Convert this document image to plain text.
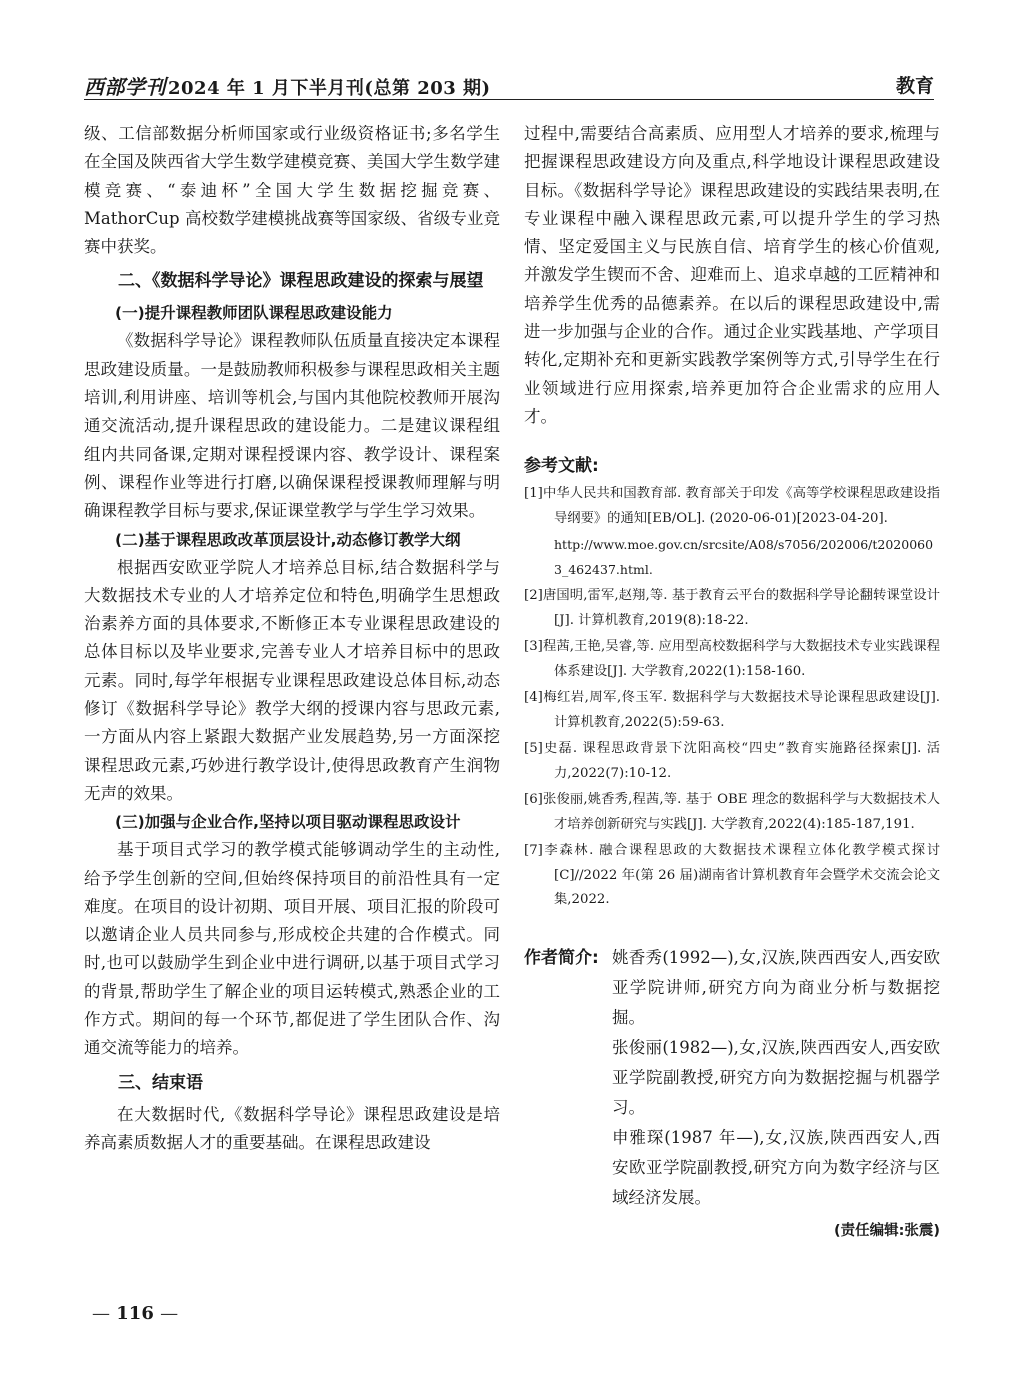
西部学刊 2024 年 1 月下半月刊(总第 203 期)	教育

级、工信部数据分析师国家或行业级资格证书;多名学生在全国及陕西省大学生数学建模竞赛、美国大学生数学建模竞赛、“泰迪杯”全国大学生数据挖掘竞赛、MathorCup 高校数学建模挑战赛等国家级、省级专业竞赛中获奖。

二、《数据科学导论》课程思政建设的探索与展望
(一)提升课程教师团队课程思政建设能力

《数据科学导论》课程教师队伍质量直接决定本课程思政建设质量。一是鼓励教师积极参与课程思政相关主题培训,利用讲座、培训等机会,与国内其他院校教师开展沟通交流活动,提升课程思政的建设能力。二是建议课程组组内共同备课,定期对课程授课内容、教学设计、课程案例、课程作业等进行打磨,以确保课程授课教师理解与明确课程教学目标与要求,保证课堂教学与学生学习效果。

(二)基于课程思政改革顶层设计,动态修订教学大纲

根据西安欧亚学院人才培养总目标,结合数据科学与大数据技术专业的人才培养定位和特色,明确学生思想政治素养方面的具体要求,不断修正本专业课程思政建设的总体目标以及毕业要求,完善专业人才培养目标中的思政元素。同时,每学年根据专业课程思政建设总体目标,动态修订《数据科学导论》教学大纲的授课内容与思政元素,一方面从内容上紧跟大数据产业发展趋势,另一方面深挖课程思政元素,巧妙进行教学设计,使得思政教育产生润物无声的效果。

(三)加强与企业合作,坚持以项目驱动课程思政设计

基于项目式学习的教学模式能够调动学生的主动性,给予学生创新的空间,但始终保持项目的前沿性具有一定难度。在项目的设计初期、项目开展、项目汇报的阶段可以邀请企业人员共同参与,形成校企共建的合作模式。同时,也可以鼓励学生到企业中进行调研,以基于项目式学习的背景,帮助学生了解企业的项目运转模式,熟悉企业的工作方式。期间的每一个环节,都促进了学生团队合作、沟通交流等能力的培养。

三、结束语

在大数据时代,《数据科学导论》课程思政建设是培养高素质数据人才的重要基础。在课程思政建设

过程中,需要结合高素质、应用型人才培养的要求,梳理与把握课程思政建设方向及重点,科学地设计课程思政建设目标。《数据科学导论》课程思政建设的实践结果表明,在专业课程中融入课程思政元素,可以提升学生的学习热情、坚定爱国主义与民族自信、培育学生的核心价值观,并激发学生锲而不舍、迎难而上、追求卓越的工匠精神和培养学生优秀的品德素养。在以后的课程思政建设中,需进一步加强与企业的合作。通过企业实践基地、产学项目转化,定期补充和更新实践教学案例等方式,引导学生在行业领域进行应用探索,培养更加符合企业需求的应用人才。

参考文献:

[1]中华人民共和国教育部. 教育部关于印发《高等学校课程思政建设指导纲要》的通知[EB/OL]. (2020-06-01)[2023-04-20].
http://www.moe.gov.cn/srcsite/A08/s7056/202006/t20200603_462437.html.

[2]唐国明,雷军,赵翔,等. 基于教育云平台的数据科学导论翻转课堂设计[J]. 计算机教育,2019(8):18-22.

[3]程茜,王艳,吴睿,等. 应用型高校数据科学与大数据技术专业实践课程体系建设[J]. 大学教育,2022(1):158-160.

[4]梅红岩,周军,佟玉军. 数据科学与大数据技术导论课程思政建设[J]. 计算机教育,2022(5):59-63.

[5]史磊. 课程思政背景下沈阳高校“四史”教育实施路径探索[J]. 活力,2022(7):10-12.

[6]张俊丽,姚香秀,程茜,等. 基于 OBE 理念的数据科学与大数据技术人才培养创新研究与实践[J]. 大学教育,2022(4):185-187,191.

[7]李森林. 融合课程思政的大数据技术课程立体化教学模式探讨[C]//2022 年(第 26 届)湖南省计算机教育年会暨学术交流会论文集,2022.

作者简介: 姚香秀(1992—),女,汉族,陕西西安人,西安欧亚学院讲师,研究方向为商业分析与数据挖掘。

张俊丽(1982—),女,汉族,陕西西安人,西安欧亚学院副教授,研究方向为数据挖掘与机器学习。

申雅琛(1987 年—),女,汉族,陕西西安人,西安欧亚学院副教授,研究方向为数字经济与区域经济发展。

(责任编辑:张震)
— 116 —
